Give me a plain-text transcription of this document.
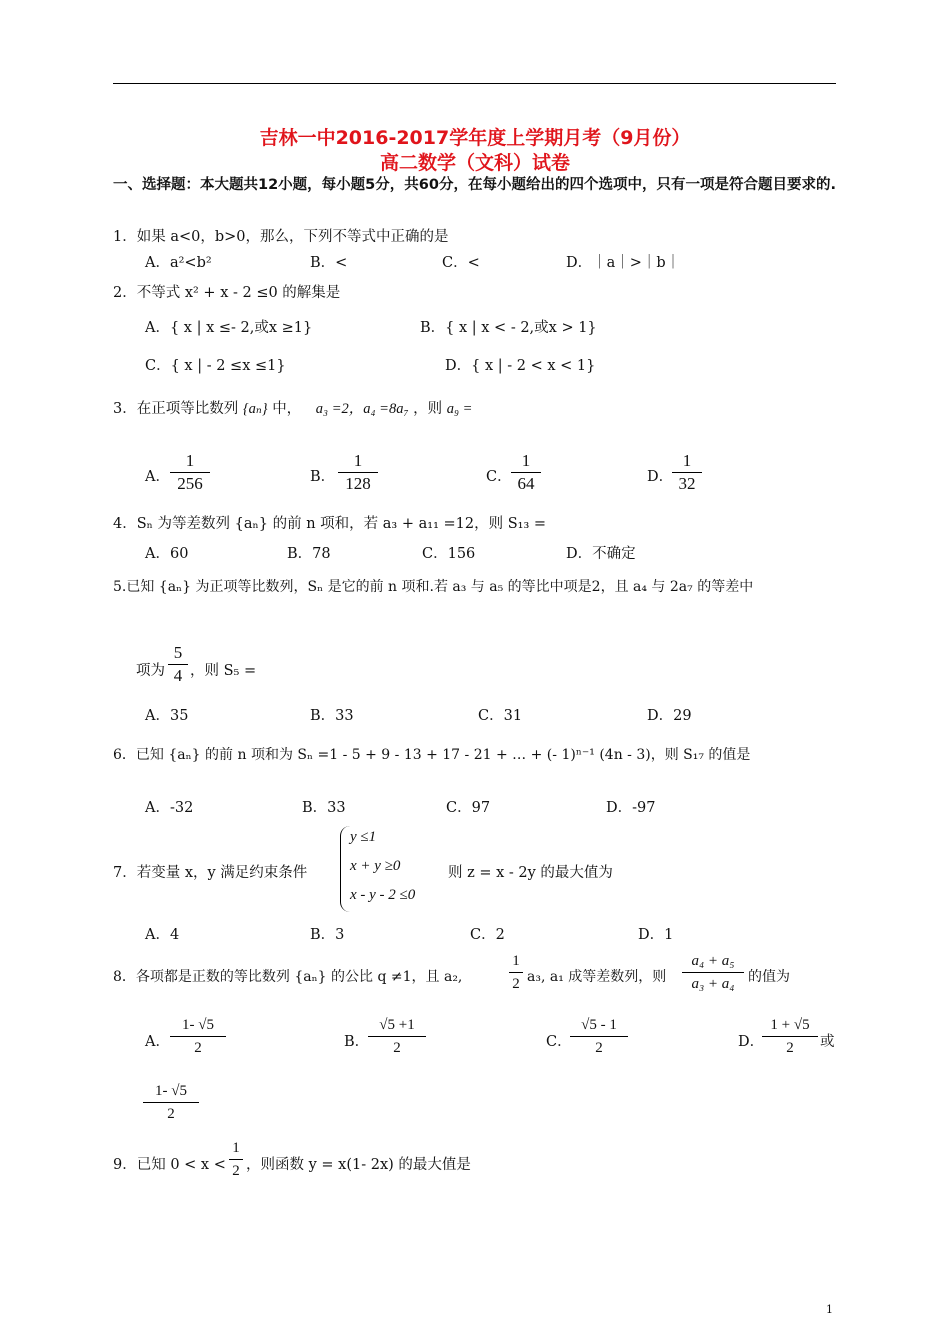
吉林一中2016-2017学年度上学期月考（9月份）
高二数学（文科）试卷
一、选择题：本大题共12小题，每小题5分，共60分，在每小题给出的四个选项中，只有一项是符合题目要求的.
1．如果 a<0，b>0，那么，下列不等式中正确的是
A．a²<b²	B．<	C．<	D．｜a｜>｜b｜
2．不等式 x² + x - 2 ≤0 的解集是
A．{ x | x ≤- 2,或x ≥1}	B．{ x | x < - 2,或x > 1}
C．{ x | - 2 ≤x ≤1}	D．{ x | - 2 < x < 1}
3．在正项等比数列 {aₙ} 中， a₃ =2，a₄ =8a₇ ，则 a₉ =
A． $\frac{1}{256}$	B． $\frac{1}{128}$	C． $\frac{1}{64}$	D．
$\frac{1}{32}$
4．Sₙ 为等差数列 {aₙ} 的前 n 项和，若 a₃ + a₁₁ =12，则 S₁₃ =
A．60	B．78	C．156	D．不确定
5.已知 {aₙ} 为正项等比数列，Sₙ 是它的前 n 项和.若 a₃ 与 a₅ 的等比中项是2，且 a₄ 与 2a₇ 的等差中
项为 $\frac{5}{4}$ ，则 S₅ =
A．35	B．33	C．31	D．29
6．已知 {aₙ} 的前 n 项和为 Sₙ =1 - 5 + 9 - 13 + 17 - 21 + … + (- 1)ⁿ⁻¹ (4n - 3)，则 S₁₇ 的值是
A．-32	B．33	C．97	D．-97
7．若变量 x，y 满足约束条件
y ≤1
x + y ≥0
x - y - 2 ≤0
则 z = x - 2y 的最大值为
A．4	B．3	C．2	D．1
8．各项都是正数的等比数列 {aₙ} 的公比 q ≠1，且 a₂,	$\frac{1}{2} a_3$, a₁ 成等差数列，则 $\frac{\text{a₄ + a₅}}{\text{a₃ + a₄}}$ 的值为
A． $\frac{1- √5}{2}$	B．
$\frac{√5 +1}{2}$	C．
$\frac{√5 - 1}{2}$	D．
$\frac{1 + √5}{2}$ 或
$\frac{1- √5}{2}$
9．已知 $0 < x < \frac{1}{2}$ ，则函数 y = x(1- 2x) 的最大值是
1
